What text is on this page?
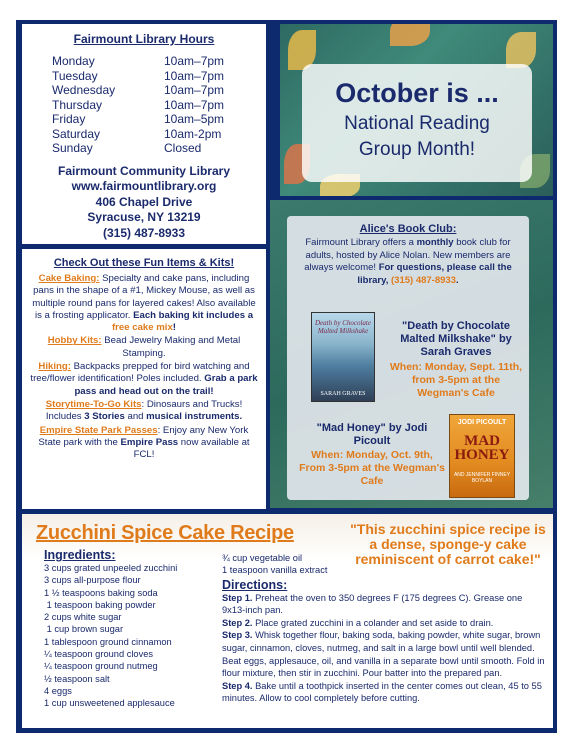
Fairmount Library Hours
Monday	10am–7pm
Tuesday	10am–7pm
Wednesday	10am–7pm
Thursday	10am–7pm
Friday	10am–5pm
Saturday	10am-2pm
Sunday	Closed
Fairmount Community Library
www.fairmountlibrary.org
406 Chapel Drive
Syracuse, NY 13219
(315) 487-8933
October is ...
National Reading
Group Month!
Alice's Book Club:
Fairmount Library offers a monthly book club for adults, hosted by Alice Nolan. New members are always welcome! For questions, please call the library, (315) 487-8933.
Death by Chocolate Malted Milkshake
SARAH GRAVES
"Death by Chocolate Malted Milkshake" by Sarah Graves
When: Monday, Sept. 11th, from 3-5pm at the Wegman's Cafe
"Mad Honey" by Jodi Picoult
When: Monday, Oct. 9th, From 3-5pm at the Wegman's Cafe
JODI PICOULT
MAD HONEY
AND JENNIFER FINNEY BOYLAN
Check Out these Fun Items & Kits!

Cake Baking: Specialty and cake pans, including pans in the shape of a #1, Mickey Mouse, as well as multiple round pans for layered cakes! Also available is a frosting applicator. Each baking kit includes a free cake mix!

Hobby Kits: Bead Jewelry Making and Metal Stamping.

Hiking: Backpacks prepped for bird watching and tree/flower identification! Poles included. Grab a park pass and head out on the trail!

Storytime-To-Go Kits: Dinosaurs and Trucks! Includes 3 Stories and musical instruments.

Empire State Park Passes: Enjoy any New York State park with the Empire Pass now available at FCL!

Zucchini Spice Cake Recipe	"This zucchini spice recipe is a dense, sponge-y cake reminiscent of carrot cake!"
Ingredients:
3 cups grated unpeeled zucchini
3 cups all-purpose flour
1 ½ teaspoons baking soda
1 teaspoon baking powder
2 cups white sugar
1 cup brown sugar
1 tablespoon ground cinnamon
¼ teaspoon ground cloves
¼ teaspoon ground nutmeg
½ teaspoon salt
4 eggs
1 cup unsweetened applesauce
¾ cup vegetable oil
1 teaspoon vanilla extract
Directions:

Step 1. Preheat the oven to 350 degrees F (175 degrees C). Grease one 9x13-inch pan.

Step 2. Place grated zucchini in a colander and set aside to drain.

Step 3. Whisk together flour, baking soda, baking powder, white sugar, brown sugar, cinnamon, cloves, nutmeg, and salt in a large bowl until well blended. Beat eggs, applesauce, oil, and vanilla in a separate bowl until smooth. Fold in flour mixture, then stir in zucchini. Pour batter into the prepared pan.

Step 4. Bake until a toothpick inserted in the center comes out clean, 45 to 55 minutes. Allow to cool completely before cutting.
